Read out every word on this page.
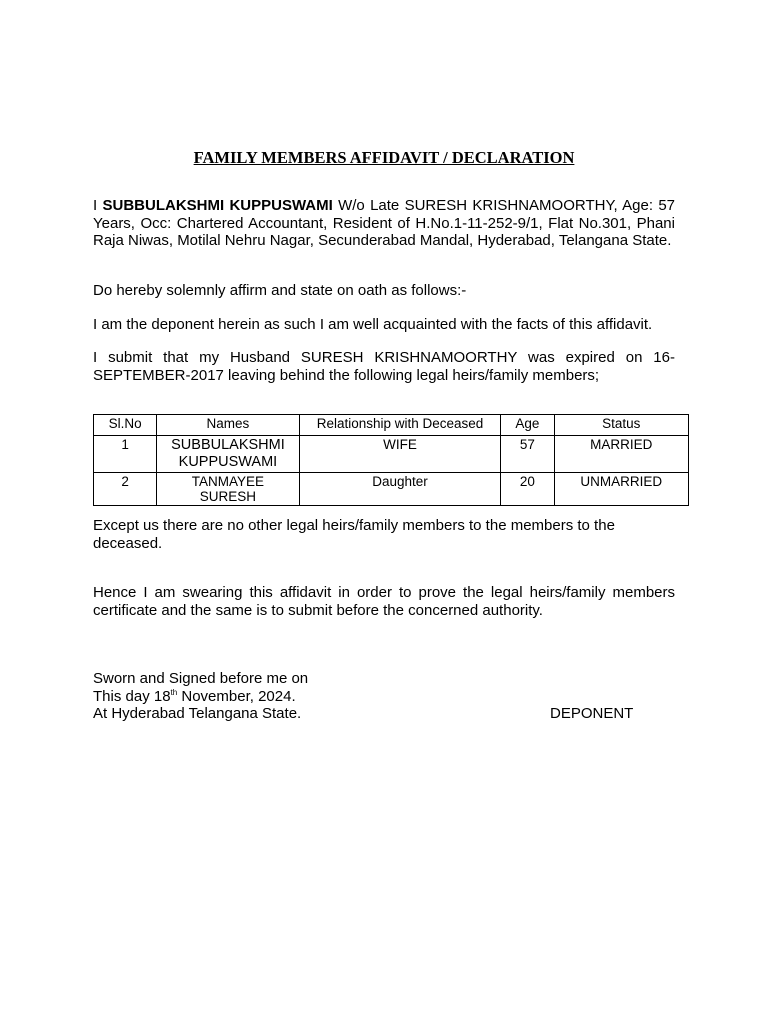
FAMILY MEMBERS AFFIDAVIT / DECLARATION

I SUBBULAKSHMI KUPPUSWAMI W/o Late SURESH KRISHNAMOORTHY, Age: 57 Years, Occ: Chartered Accountant, Resident of H.No.1-11-252-9/1, Flat No.301, Phani Raja Niwas, Motilal Nehru Nagar, Secunderabad Mandal, Hyderabad, Telangana State.

Do hereby solemnly affirm and state on oath as follows:-

I am the deponent herein as such I am well acquainted with the facts of this affidavit.

I submit that my Husband SURESH KRISHNAMOORTHY was expired on 16-SEPTEMBER-2017 leaving behind the following legal heirs/family members;

Sl.No	Names	Relationship with Deceased	Age	Status
1	SUBBULAKSHMI
KUPPUSWAMI	WIFE	57	MARRIED
2	TANMAYEE
SURESH	Daughter	20	UNMARRIED

Except us there are no other legal heirs/family members to the members to the deceased.

Hence I am swearing this affidavit in order to prove the legal heirs/family members certificate and the same is to submit before the concerned authority.

Sworn and Signed before me on
This day 18th November, 2024.
At Hyderabad Telangana State.	DEPONENT
